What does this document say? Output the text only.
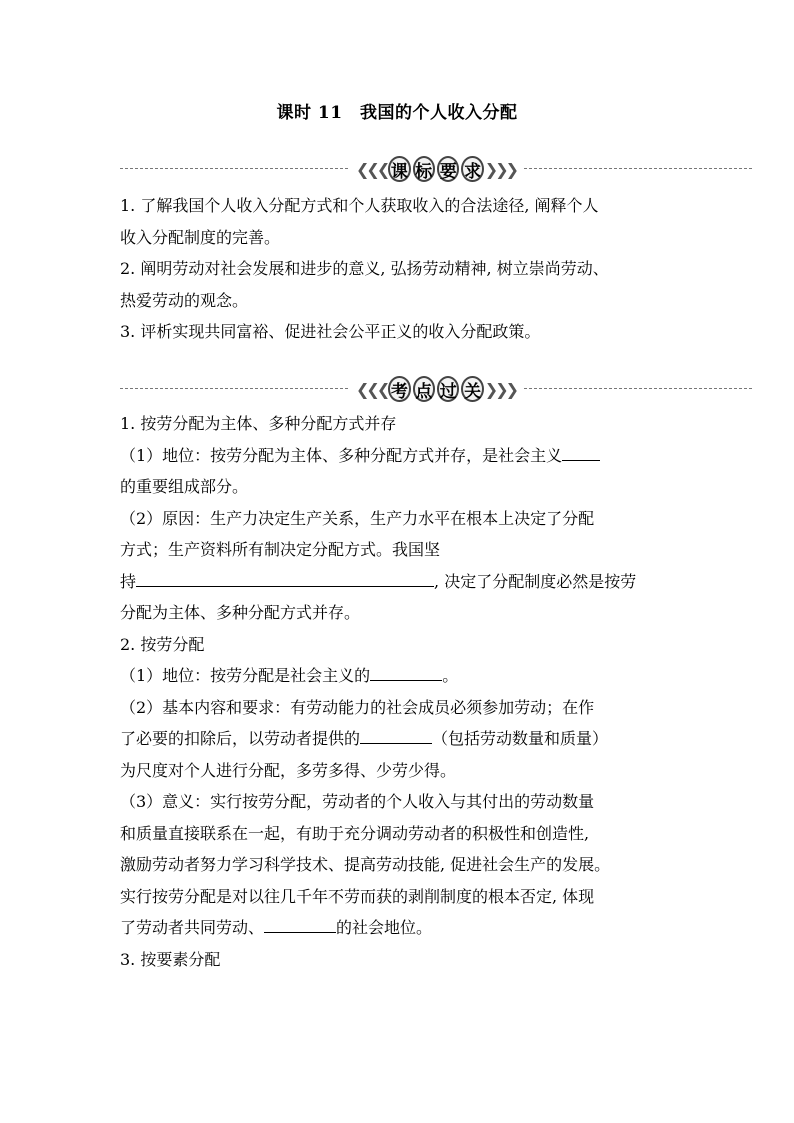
课时 11　我国的个人收入分配
❮❮❮ 课 标 要 求 ❯❯❯
1. 了解我国个人收入分配方式和个人获取收入的合法途径, 阐释个人
收入分配制度的完善。
2. 阐明劳动对社会发展和进步的意义, 弘扬劳动精神, 树立崇尚劳动、
热爱劳动的观念。
3. 评析实现共同富裕、促进社会公平正义的收入分配政策。
❮❮❮ 考 点 过 关 ❯❯❯
1. 按劳分配为主体、多种分配方式并存
（1）地位：按劳分配为主体、多种分配方式并存，是社会主义
的重要组成部分。
（2）原因：生产力决定生产关系，生产力水平在根本上决定了分配
方式；生产资料所有制决定分配方式。我国坚
持	, 决定了分配制度必然是按劳
分配为主体、多种分配方式并存。
2. 按劳分配
（1）地位：按劳分配是社会主义的	。
（2）基本内容和要求：有劳动能力的社会成员必须参加劳动；在作
了必要的扣除后，以劳动者提供的	（包括劳动数量和质量）
为尺度对个人进行分配，多劳多得、少劳少得。
（3）意义：实行按劳分配，劳动者的个人收入与其付出的劳动数量
和质量直接联系在一起，有助于充分调动劳动者的积极性和创造性,
激励劳动者努力学习科学技术、提高劳动技能, 促进社会生产的发展。
实行按劳分配是对以往几千年不劳而获的剥削制度的根本否定, 体现
了劳动者共同劳动、	的社会地位。
3. 按要素分配
